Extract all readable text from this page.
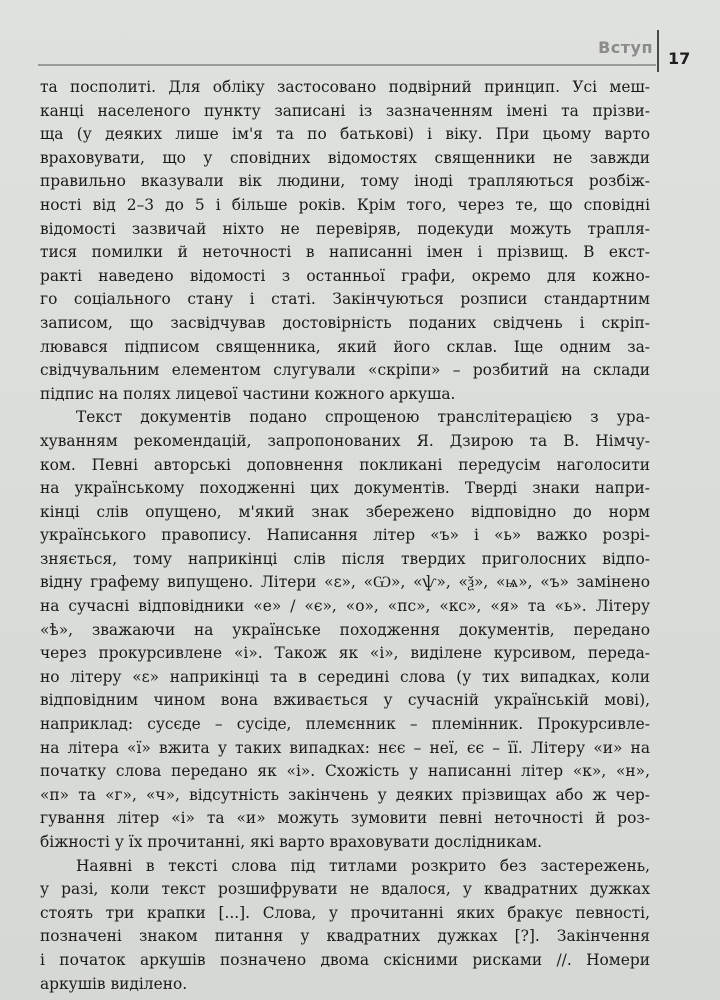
Вступ
17
та посполиті. Для обліку застосовано подвірний принцип. Усі меш-
канці населеного пункту записані із зазначенням імені та прізви-
ща (у деяких лише ім'я та по батькові) і віку. При цьому варто
враховувати, що у сповідних відомостях священники не завжди
правильно вказували вік людини, тому іноді трапляються розбіж-
ності від 2–3 до 5 і більше років. Крім того, через те, що сповідні
відомості зазвичай ніхто не перевіряв, подекуди можуть трапля-
тися помилки й неточності в написанні імен і прізвищ. В екст-
ракті наведено відомості з останньої графи, окремо для кожно-
го соціального стану і статі. Закінчуються розписи стандартним
записом, що засвідчував достовірність поданих свідчень і скріп-
лювався підписом священника, який його склав. Іще одним за-
свідчувальним елементом слугували «скріпи» – розбитий на склади
підпис на полях лицевої частини кожного аркуша.
Текст документів подано спрощеною транслітерацією з ура-
хуванням рекомендацій, запропонованих Я. Дзирою та В. Німчу-
ком. Певні авторські доповнення покликані передусім наголосити
на українському походженні цих документів. Тверді знаки напри-
кінці слів опущено, м'який знак збережено відповідно до норм
українського правопису. Написання літер «ъ» і «ь» важко розрі-
зняється, тому наприкінці слів після твердих приголосних відпо-
відну графему випущено. Літери «ɛ», «Ѡ», «ѱ», «ѯ», «ѩ», «ъ» замінено
на сучасні відповідники «е» / «є», «о», «пс», «кс», «я» та «ь». Літеру
«ѣ», зважаючи на українське походження документів, передано
через прокурсивлене «і». Також як «і», виділене курсивом, передa-
но літеру «ɛ» наприкінці та в середині слова (у тих випадках, коли
відповідним чином вона вживається у сучасній українській мові),
наприклад: сусєде – сусіде, племєнник – племінник. Прокурсивле-
на літера «ї» вжита у таких випадках: нєє – неї, єє – її. Літеру «и» на
початку слова передано як «і». Схожість у написанні літер «к», «н»,
«п» та «г», «ч», відсутність закінчень у деяких прізвищах або ж чер-
гування літер «і» та «и» можуть зумовити певні неточності й роз-
біжності у їх прочитанні, які варто враховувати дослідникам.
Наявні в тексті слова під титлами розкрито без застережень,
у разі, коли текст розшифрувати не вдалося, у квадратних дужках
стоять три крапки [...]. Слова, у прочитанні яких бракує певності,
позначені знаком питання у квадратних дужках [?]. Закінчення
і початок аркушів позначено двома скісними рисками //. Номери
аркушів виділено.
